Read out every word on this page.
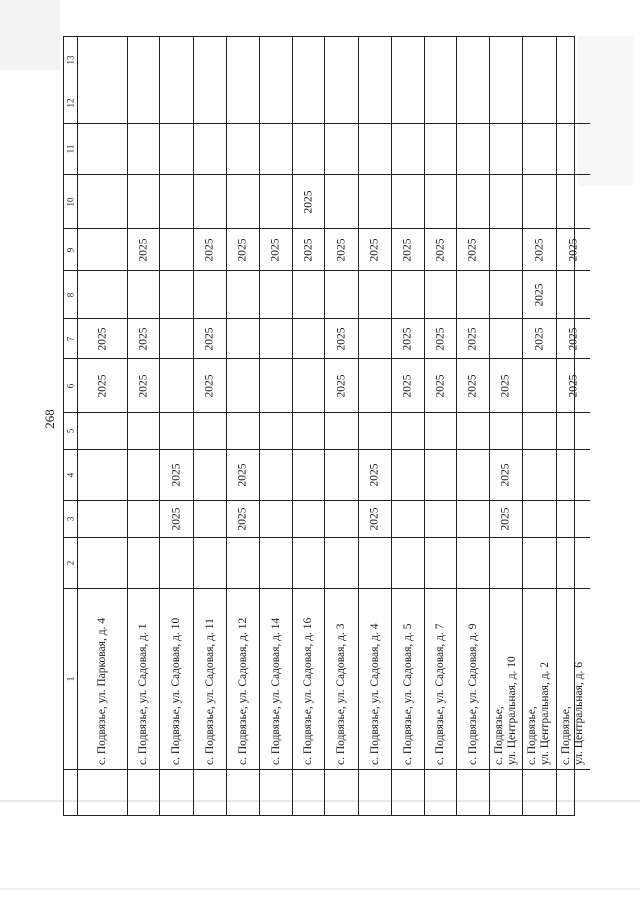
268
1
2
3
4
5
6
7
8
9
10
11
12
13
с. Подвязье, ул. Парковая, д. 4
2025
2025
с. Подвязье, ул. Садовая, д. 1
2025
2025
2025
с. Подвязье, ул. Садовая, д. 10
2025
2025
с. Подвязье, ул. Садовая, д. 11
2025
2025
2025
с. Подвязье, ул. Садовая, д. 12
2025
2025
2025
с. Подвязье, ул. Садовая, д. 14
2025
с. Подвязье, ул. Садовая, д. 16
2025
2025
с. Подвязье, ул. Садовая, д. 3
2025
2025
2025
с. Подвязье, ул. Садовая, д. 4
2025
2025
2025
с. Подвязье, ул. Садовая, д. 5
2025
2025
2025
с. Подвязье, ул. Садовая, д. 7
2025
2025
2025
с. Подвязье, ул. Садовая, д. 9
2025
2025
2025
с. Подвязье,
ул. Центральная, д. 10
2025
2025
2025
с. Подвязье,
ул. Центральная, д. 2
2025
2025
2025
с. Подвязье,
ул. Центральная, д. 6
2025
2025
2025
